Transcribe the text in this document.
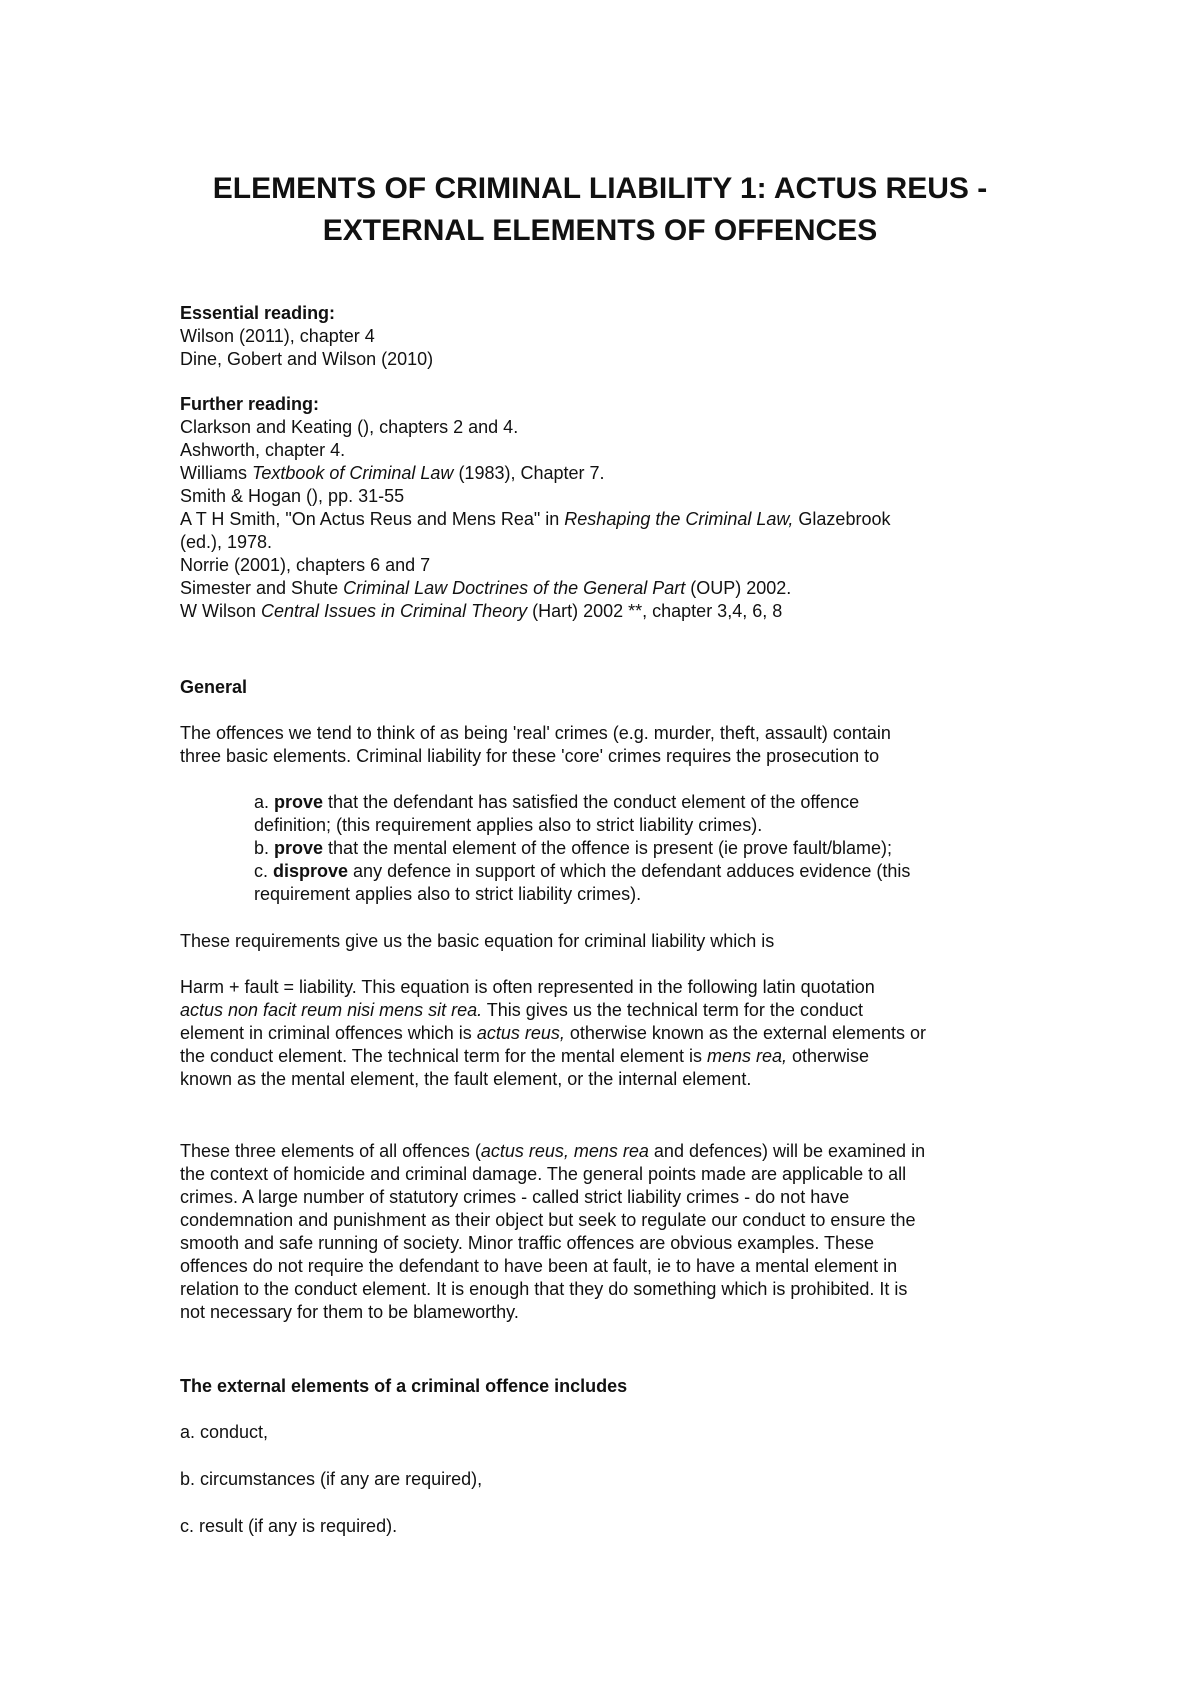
ELEMENTS OF CRIMINAL LIABILITY 1: ACTUS REUS -
EXTERNAL ELEMENTS OF OFFENCES
Essential reading:
Wilson (2011), chapter 4
Dine, Gobert and Wilson (2010)
Further reading:
Clarkson and Keating (), chapters 2 and 4.
Ashworth, chapter 4.
Williams Textbook of Criminal Law (1983), Chapter 7.
Smith & Hogan (), pp. 31-55
A T H Smith, "On Actus Reus and Mens Rea" in Reshaping the Criminal Law, Glazebrook
(ed.), 1978.
Norrie (2001), chapters 6 and 7
Simester and Shute Criminal Law Doctrines of the General Part (OUP) 2002.
W Wilson Central Issues in Criminal Theory (Hart) 2002 **, chapter 3,4, 6, 8
General
The offences we tend to think of as being 'real' crimes (e.g. murder, theft, assault) contain
three basic elements. Criminal liability for these 'core' crimes requires the prosecution to
a. prove that the defendant has satisfied the conduct element of the offence
definition; (this requirement applies also to strict liability crimes).
b. prove that the mental element of the offence is present (ie prove fault/blame);
c. disprove any defence in support of which the defendant adduces evidence (this
requirement applies also to strict liability crimes).
These requirements give us the basic equation for criminal liability which is
Harm + fault = liability. This equation is often represented in the following latin quotation
actus non facit reum nisi mens sit rea. This gives us the technical term for the conduct
element in criminal offences which is actus reus, otherwise known as the external elements or
the conduct element. The technical term for the mental element is mens rea, otherwise
known as the mental element, the fault element, or the internal element.
These three elements of all offences (actus reus, mens rea and defences) will be examined in
the context of homicide and criminal damage. The general points made are applicable to all
crimes. A large number of statutory crimes - called strict liability crimes - do not have
condemnation and punishment as their object but seek to regulate our conduct to ensure the
smooth and safe running of society. Minor traffic offences are obvious examples. These
offences do not require the defendant to have been at fault, ie to have a mental element in
relation to the conduct element. It is enough that they do something which is prohibited. It is
not necessary for them to be blameworthy.
The external elements of a criminal offence includes
a. conduct,
b. circumstances (if any are required),
c. result (if any is required).
